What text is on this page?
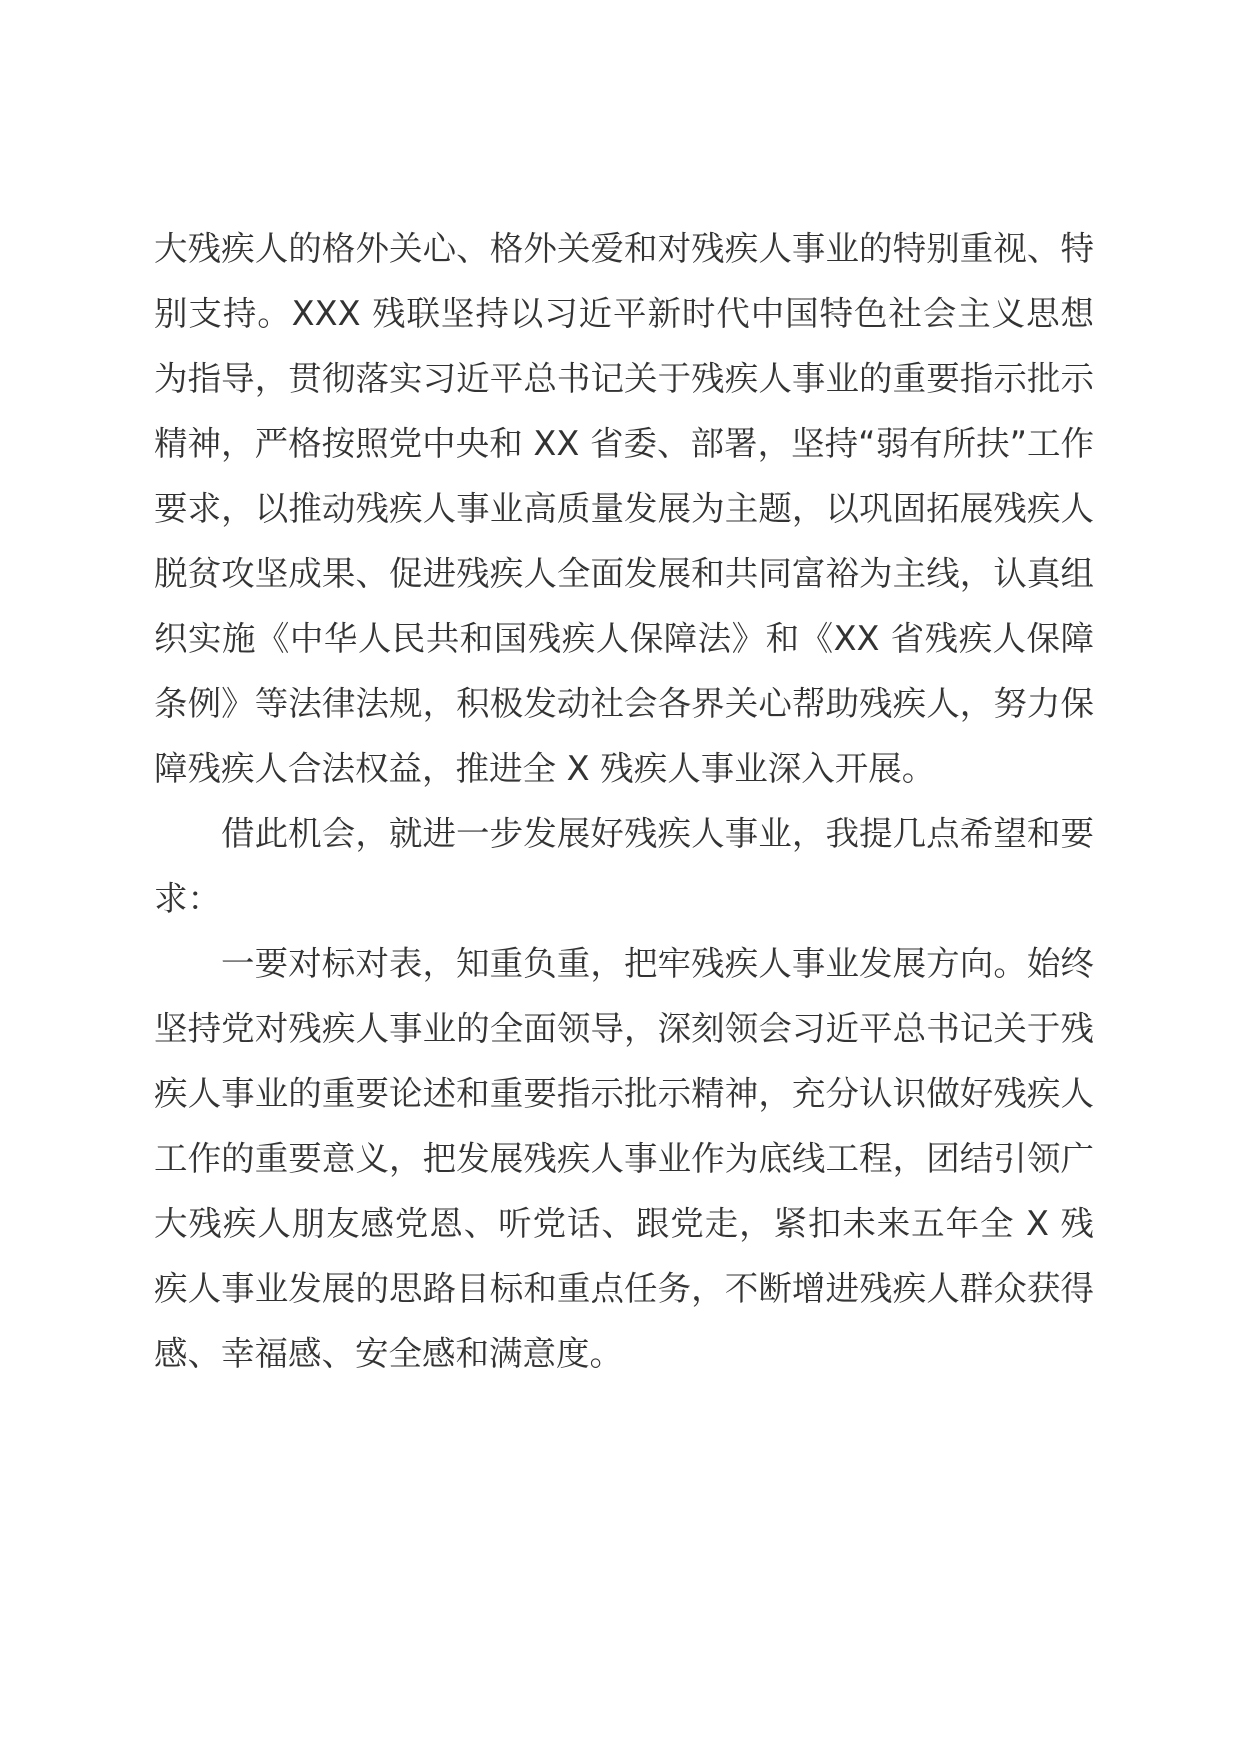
大残疾人的格外关心、格外关爱和对残疾人事业的特别重视、特别支持。XXX 残联坚持以习近平新时代中国特色社会主义思想为指导，贯彻落实习近平总书记关于残疾人事业的重要指示批示精神，严格按照党中央和 XX 省委、部署，坚持“弱有所扶”工作要求，以推动残疾人事业高质量发展为主题，以巩固拓展残疾人脱贫攻坚成果、促进残疾人全面发展和共同富裕为主线，认真组织实施《中华人民共和国残疾人保障法》和《XX 省残疾人保障条例》等法律法规，积极发动社会各界关心帮助残疾人，努力保障残疾人合法权益，推进全 X 残疾人事业深入开展。

借此机会，就进一步发展好残疾人事业，我提几点希望和要求：

一要对标对表，知重负重，把牢残疾人事业发展方向。始终坚持党对残疾人事业的全面领导，深刻领会习近平总书记关于残疾人事业的重要论述和重要指示批示精神，充分认识做好残疾人工作的重要意义，把发展残疾人事业作为底线工程，团结引领广大残疾人朋友感党恩、听党话、跟党走，紧扣未来五年全 X 残疾人事业发展的思路目标和重点任务，不断增进残疾人群众获得感、幸福感、安全感和满意度。
